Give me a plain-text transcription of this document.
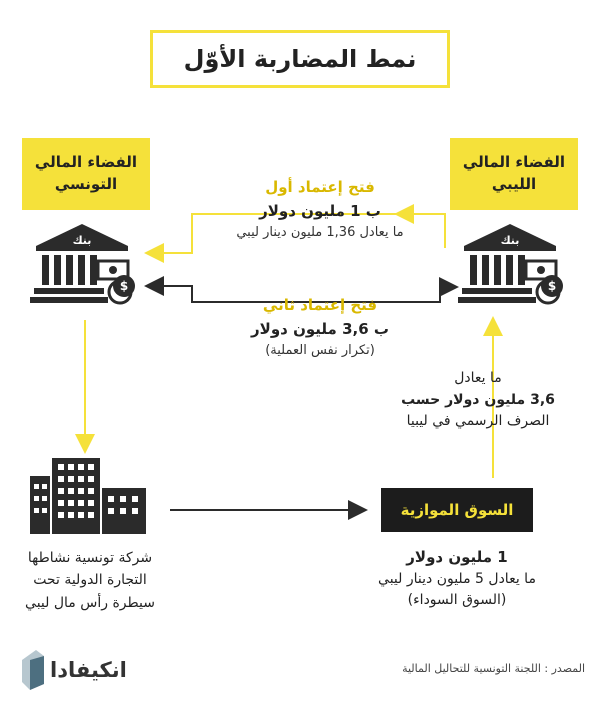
نمط المضاربة الأوّل
الفضاء المالي
التونسي
الفضاء المالي
الليبي
$
بنك
$
بنك
فتح إعتماد أول
ب 1 مليون دولار
ما يعادل 1,36 مليون دينار ليبي
فتح إعتماد ثاني
ب 3,6 مليون دولار
(تكرار نفس العملية)
ما يعادل
3,6 مليون دولار حسب
الصرف الرسمي في ليبيا
شركة تونسية نشاطها
التجارة الدولية تحت
سيطرة رأس مال ليبي
السوق الموازية
1 مليون دولار
ما يعادل 5 مليون دينار ليبي
(السوق السوداء)
انكيفادا	المصدر : اللجنة التونسية للتحاليل المالية
